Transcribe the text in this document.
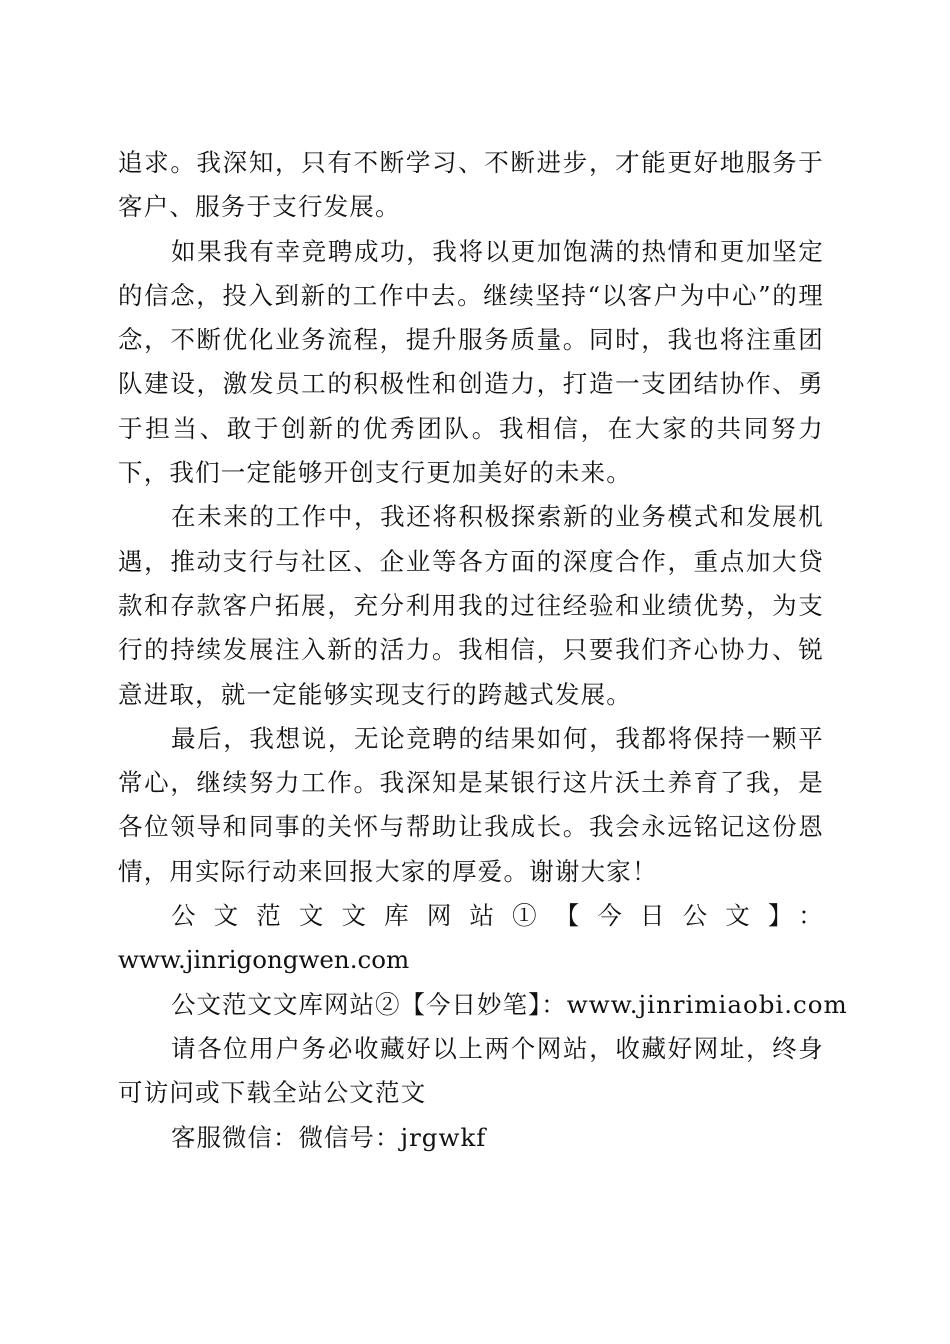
追求。我深知，只有不断学习、不断进步，才能更好地服务于客户、服务于支行发展。

如果我有幸竞聘成功，我将以更加饱满的热情和更加坚定的信念，投入到新的工作中去。继续坚持“以客户为中心”的理念，不断优化业务流程，提升服务质量。同时，我也将注重团队建设，激发员工的积极性和创造力，打造一支团结协作、勇于担当、敢于创新的优秀团队。我相信，在大家的共同努力下，我们一定能够开创支行更加美好的未来。

在未来的工作中，我还将积极探索新的业务模式和发展机遇，推动支行与社区、企业等各方面的深度合作，重点加大贷款和存款客户拓展，充分利用我的过往经验和业绩优势，为支行的持续发展注入新的活力。我相信，只要我们齐心协力、锐意进取，就一定能够实现支行的跨越式发展。

最后，我想说，无论竞聘的结果如何，我都将保持一颗平常心，继续努力工作。我深知是某银行这片沃土养育了我，是各位领导和同事的关怀与帮助让我成长。我会永远铭记这份恩情，用实际行动来回报大家的厚爱。谢谢大家！

公文范文文库网站①【今日公文】：

www.jinrigongwen.com

公文范文文库网站②【今日妙笔】：www.jinrimiaobi.com

请各位用户务必收藏好以上两个网站，收藏好网址，终身可访问或下载全站公文范文

客服微信：微信号：jrgwkf
